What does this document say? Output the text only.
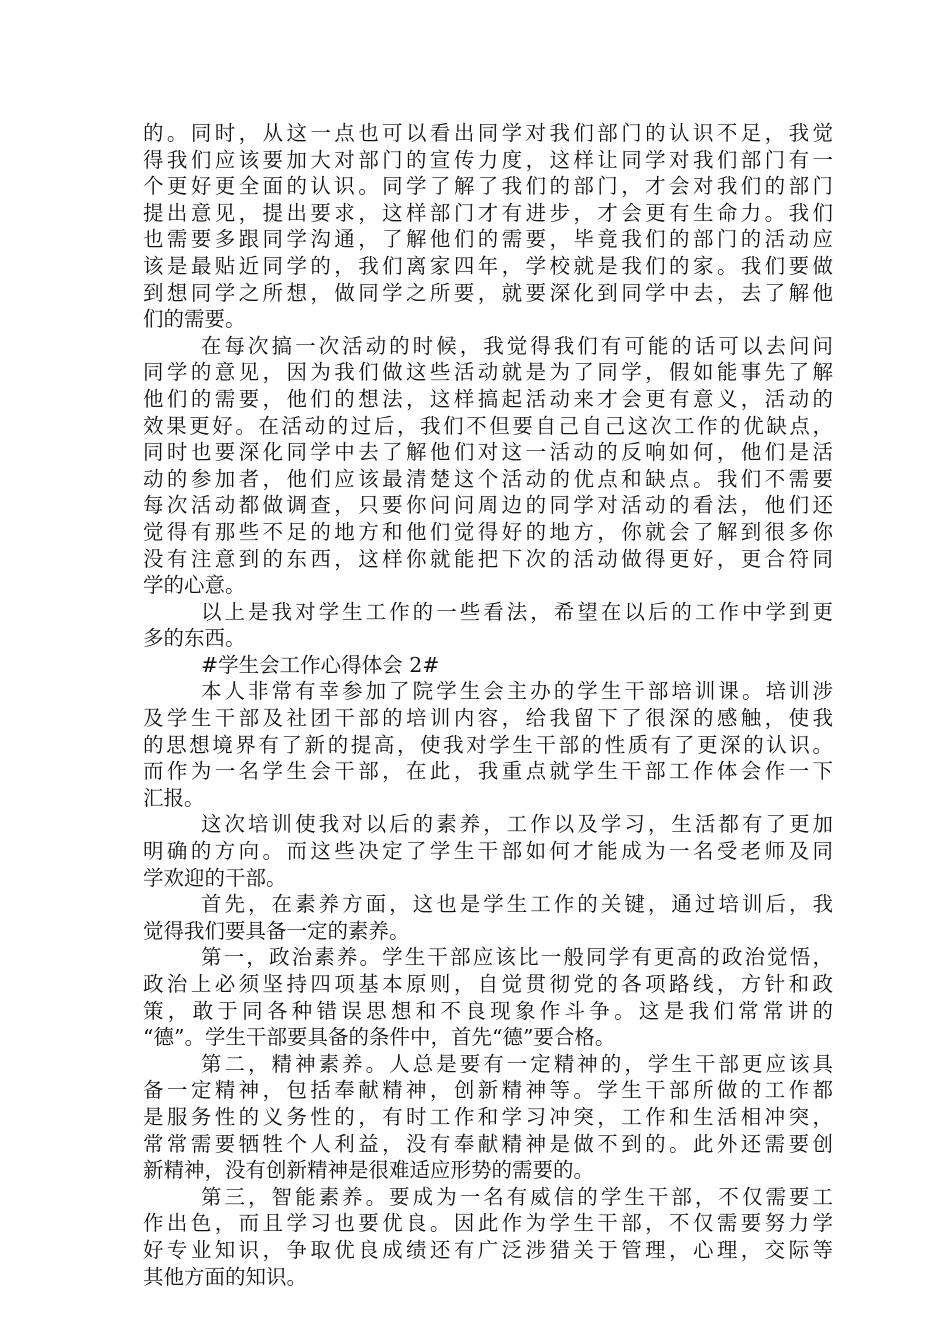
的。同时，从这一点也可以看出同学对我们部门的认识不足，我觉
得我们应该要加大对部门的宣传力度，这样让同学对我们部门有一
个更好更全面的认识。同学了解了我们的部门，才会对我们的部门
提出意见，提出要求，这样部门才有进步，才会更有生命力。我们
也需要多跟同学沟通，了解他们的需要，毕竟我们的部门的活动应
该是最贴近同学的，我们离家四年，学校就是我们的家。我们要做
到想同学之所想，做同学之所要，就要深化到同学中去，去了解他
们的需要。
在每次搞一次活动的时候，我觉得我们有可能的话可以去问问
同学的意见，因为我们做这些活动就是为了同学，假如能事先了解
他们的需要，他们的想法，这样搞起活动来才会更有意义，活动的
效果更好。在活动的过后，我们不但要自己自己这次工作的优缺点，
同时也要深化同学中去了解他们对这一活动的反响如何，他们是活
动的参加者，他们应该最清楚这个活动的优点和缺点。我们不需要
每次活动都做调查，只要你问问周边的同学对活动的看法，他们还
觉得有那些不足的地方和他们觉得好的地方，你就会了解到很多你
没有注意到的东西，这样你就能把下次的活动做得更好，更合符同
学的心意。
以上是我对学生工作的一些看法，希望在以后的工作中学到更
多的东西。
#学生会工作心得体会 2#
本人非常有幸参加了院学生会主办的学生干部培训课。培训涉
及学生干部及社团干部的培训内容，给我留下了很深的感触，使我
的思想境界有了新的提高，使我对学生干部的性质有了更深的认识。
而作为一名学生会干部，在此，我重点就学生干部工作体会作一下
汇报。
这次培训使我对以后的素养，工作以及学习，生活都有了更加
明确的方向。而这些决定了学生干部如何才能成为一名受老师及同
学欢迎的干部。
首先，在素养方面，这也是学生工作的关键，通过培训后，我
觉得我们要具备一定的素养。
第一，政治素养。学生干部应该比一般同学有更高的政治觉悟，
政治上必须坚持四项基本原则，自觉贯彻党的各项路线，方针和政
策，敢于同各种错误思想和不良现象作斗争。这是我们常常讲的
“德”。学生干部要具备的条件中，首先“德”要合格。
第二，精神素养。人总是要有一定精神的，学生干部更应该具
备一定精神，包括奉献精神，创新精神等。学生干部所做的工作都
是服务性的义务性的，有时工作和学习冲突，工作和生活相冲突，
常常需要牺牲个人利益，没有奉献精神是做不到的。此外还需要创
新精神，没有创新精神是很难适应形势的需要的。
第三，智能素养。要成为一名有威信的学生干部，不仅需要工
作出色，而且学习也要优良。因此作为学生干部，不仅需要努力学
好专业知识，争取优良成绩还有广泛涉猎关于管理，心理，交际等
其他方面的知识。
